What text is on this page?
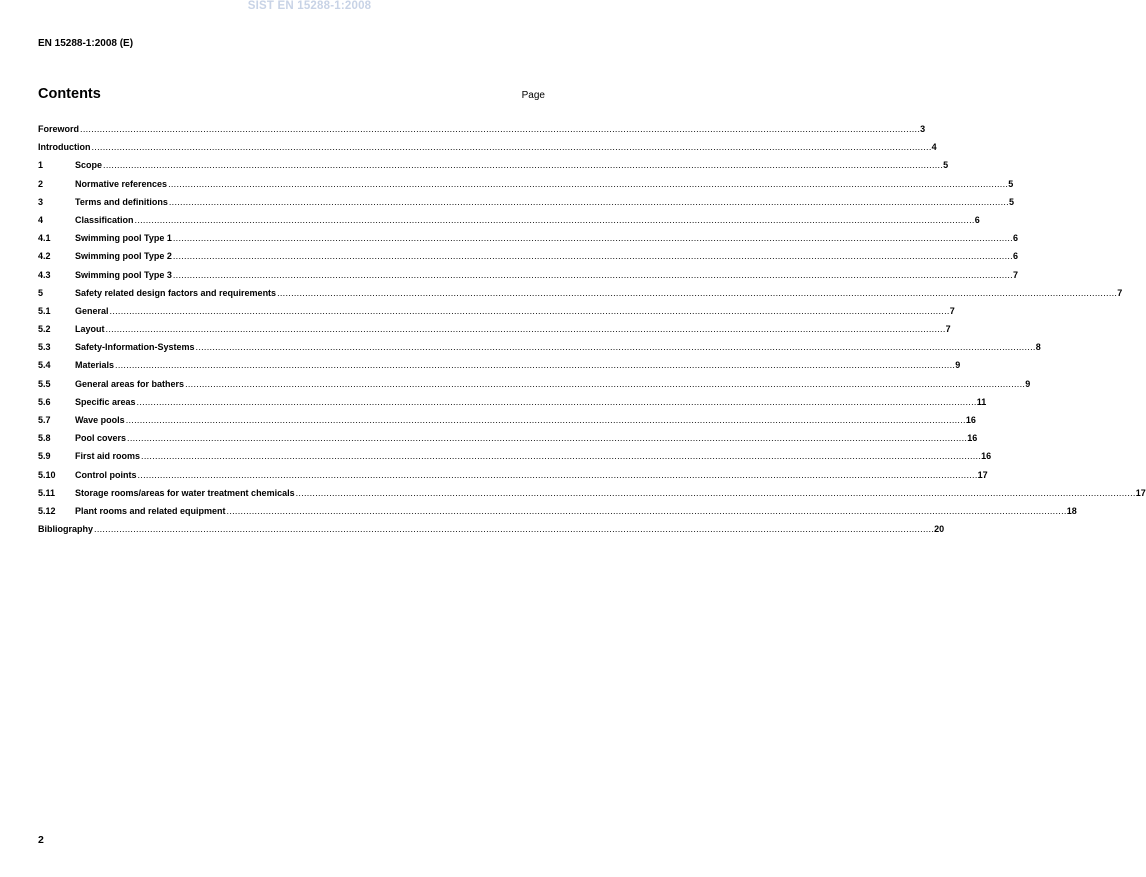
SIST EN 15288-1:2008
EN 15288-1:2008 (E)
Contents	Page
Foreword ............................................................................................................................................................................................................................................................................................................ 3
Introduction ............................................................................................................................................................................................................................................................................................................ 4
1	Scope ............................................................................................................................................................................................................................................................................................................ 5
2	Normative references ............................................................................................................................................................................................................................................................................................................ 5
3	Terms and definitions ............................................................................................................................................................................................................................................................................................................ 5
4	Classification ............................................................................................................................................................................................................................................................................................................ 6
4.1	Swimming pool Type 1 ............................................................................................................................................................................................................................................................................................................ 6
4.2	Swimming pool Type 2 ............................................................................................................................................................................................................................................................................................................ 6
4.3	Swimming pool Type 3 ............................................................................................................................................................................................................................................................................................................ 7
5	Safety related design factors and requirements ............................................................................................................................................................................................................................................................................................................ 7
5.1	General ............................................................................................................................................................................................................................................................................................................ 7
5.2	Layout ............................................................................................................................................................................................................................................................................................................ 7
5.3	Safety-Information-Systems ............................................................................................................................................................................................................................................................................................................ 8
5.4	Materials ............................................................................................................................................................................................................................................................................................................ 9
5.5	General areas for bathers ............................................................................................................................................................................................................................................................................................................ 9
5.6	Specific areas ............................................................................................................................................................................................................................................................................................................ 11
5.7	Wave pools ............................................................................................................................................................................................................................................................................................................ 16
5.8	Pool covers ............................................................................................................................................................................................................................................................................................................ 16
5.9	First aid rooms ............................................................................................................................................................................................................................................................................................................ 16
5.10	Control points ............................................................................................................................................................................................................................................................................................................ 17
5.11	Storage rooms/areas for water treatment chemicals ............................................................................................................................................................................................................................................................................................................ 17
5.12	Plant rooms and related equipment ............................................................................................................................................................................................................................................................................................................ 18
Bibliography ............................................................................................................................................................................................................................................................................................................ 20
2
